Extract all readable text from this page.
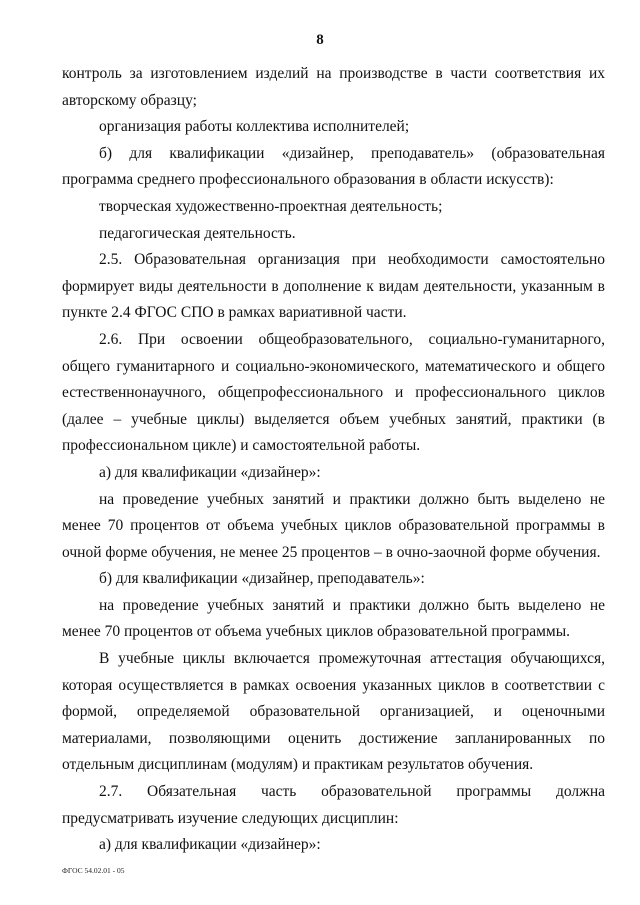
8

контроль за изготовлением изделий на производстве в части соответствия их авторскому образцу;

организация работы коллектива исполнителей;

б) для квалификации «дизайнер, преподаватель» (образовательная программа среднего профессионального образования в области искусств):

творческая художественно-проектная деятельность;

педагогическая деятельность.

2.5. Образовательная организация при необходимости самостоятельно формирует виды деятельности в дополнение к видам деятельности, указанным в пункте 2.4 ФГОС СПО в рамках вариативной части.

2.6. При освоении общеобразовательного, социально-гуманитарного, общего гуманитарного и социально-экономического, математического и общего естественнонаучного, общепрофессионального и профессионального циклов (далее – учебные циклы) выделяется объем учебных занятий, практики (в профессиональном цикле) и самостоятельной работы.

а) для квалификации «дизайнер»:

на проведение учебных занятий и практики должно быть выделено не менее 70 процентов от объема учебных циклов образовательной программы в очной форме обучения, не менее 25 процентов – в очно-заочной форме обучения.

б) для квалификации «дизайнер, преподаватель»:

на проведение учебных занятий и практики должно быть выделено не менее 70 процентов от объема учебных циклов образовательной программы.

В учебные циклы включается промежуточная аттестация обучающихся, которая осуществляется в рамках освоения указанных циклов в соответствии с формой, определяемой образовательной организацией, и оценочными материалами, позволяющими оценить достижение запланированных по отдельным дисциплинам (модулям) и практикам результатов обучения.

2.7. Обязательная часть образовательной программы должна предусматривать изучение следующих дисциплин:

а) для квалификации «дизайнер»:

ФГОС 54.02.01 - 05
